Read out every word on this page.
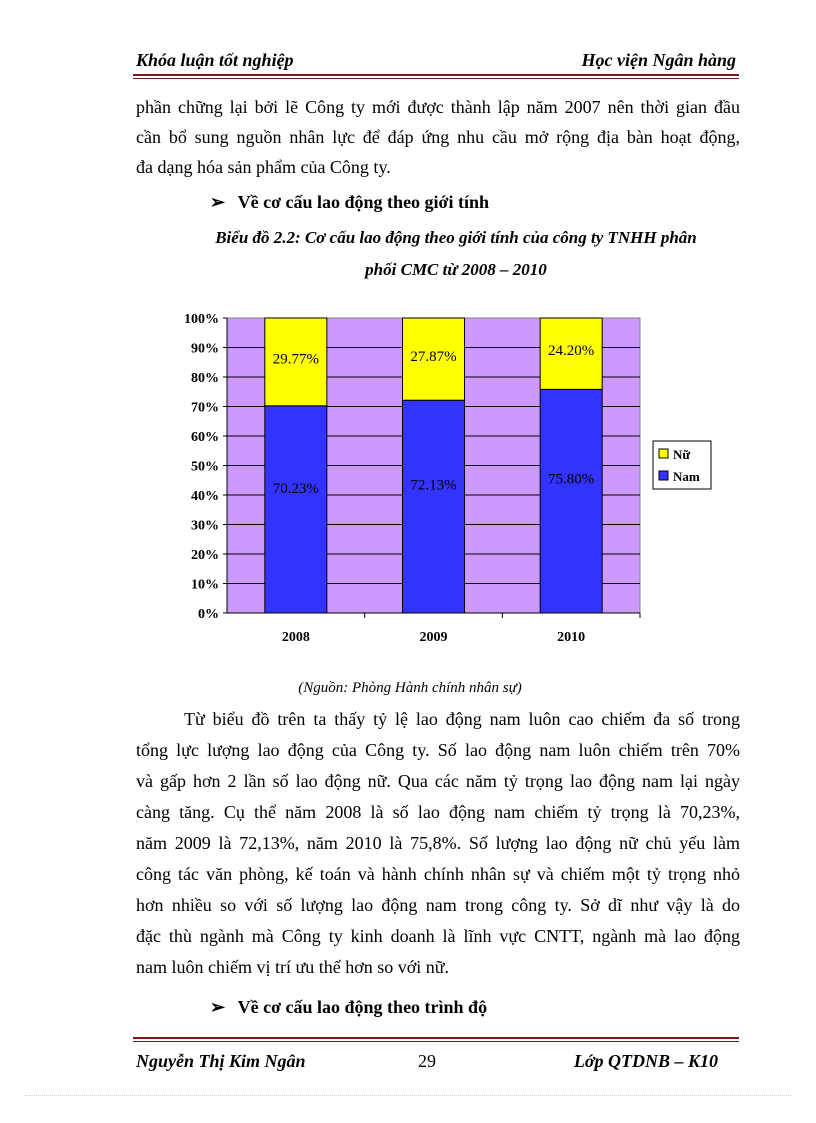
Khóa luận tốt nghiệp	Học viện Ngân hàng
phần chững lại bởi lẽ Công ty mới được thành lập năm 2007 nên thời gian đầu
cần bổ sung nguồn nhân lực để đáp ứng nhu cầu mở rộng địa bàn hoạt động,
đa dạng hóa sản phẩm của Công ty.
➢ Về cơ cấu lao động theo giới tính
Biểu đồ 2.2: Cơ cấu lao động theo giới tính của công ty TNHH phân
phối CMC từ 2008 – 2010
0%
10%
20%
30%
40%
50%
60%
70%
80%
90%
100%
70.23%
29.77%
2008
72.13%
27.87%
2009
75.80%
24.20%
2010
Nữ
Nam
(Nguồn: Phòng Hành chính nhân sự)
Từ biểu đồ trên ta thấy tỷ lệ lao động nam luôn cao chiếm đa số trong
tổng lực lượng lao động của Công ty. Số lao động nam luôn chiếm trên 70%
và gấp hơn 2 lần số lao động nữ. Qua các năm tỷ trọng lao động nam lại ngày
càng tăng. Cụ thể năm 2008 là số lao động nam chiếm tỷ trọng là 70,23%,
năm 2009 là 72,13%, năm 2010 là 75,8%. Số lượng lao động nữ chủ yếu làm
công tác văn phòng, kế toán và hành chính nhân sự và chiếm một tỷ trọng nhỏ
hơn nhiều so với số lượng lao động nam trong công ty. Sở dĩ như vậy là do
đặc thù ngành mà Công ty kinh doanh là lĩnh vực CNTT, ngành mà lao động
nam luôn chiếm vị trí ưu thế hơn so với nữ.
➢ Về cơ cấu lao động theo trình độ
Nguyễn Thị Kim Ngân	29	Lớp QTDNB – K10
